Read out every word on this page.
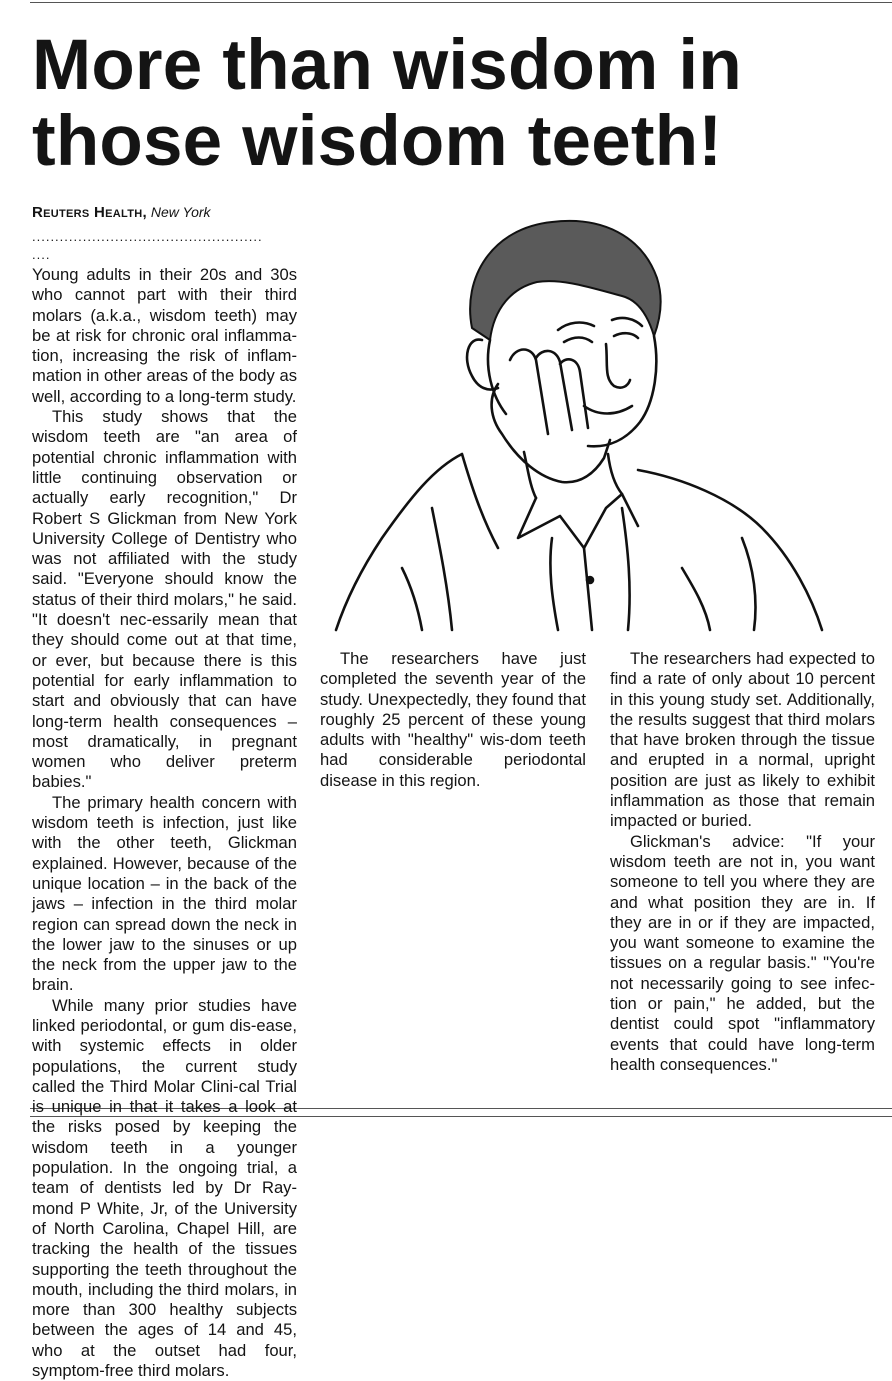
More than wisdom in
those wisdom teeth!
Reuters Health, New York
..................................................
....

Young adults in their 20s and 30s who cannot part with their third molars (a.k.a., wisdom teeth) may be at risk for chronic oral inflamma-tion, increasing the risk of inflam-mation in other areas of the body as well, according to a long-term study.

This study shows that the wisdom teeth are "an area of potential chronic inflammation with little continuing observation or actually early recognition," Dr Robert S Glickman from New York University College of Dentistry who was not affiliated with the study said. "Everyone should know the status of their third molars," he said. "It doesn't nec-essarily mean that they should come out at that time, or ever, but because there is this potential for early inflammation to start and obviously that can have long-term health consequences – most dramatically, in pregnant women who deliver preterm babies."

The primary health concern with wisdom teeth is infection, just like with the other teeth, Glickman explained. However, because of the unique location – in the back of the jaws – infection in the third molar region can spread down the neck in the lower jaw to the sinuses or up the neck from the upper jaw to the brain.

While many prior studies have linked periodontal, or gum dis-ease, with systemic effects in older populations, the current study called the Third Molar Clini-cal Trial is unique in that it takes a look at the risks posed by keeping the wisdom teeth in a younger population. In the ongoing trial, a team of dentists led by Dr Ray-mond P White, Jr, of the University of North Carolina, Chapel Hill, are tracking the health of the tissues supporting the teeth throughout the mouth, including the third molars, in more than 300 healthy subjects between the ages of 14 and 45, who at the outset had four, symptom-free third molars.

The researchers have just completed the seventh year of the study. Unexpectedly, they found that roughly 25 percent of these young adults with "healthy" wis-dom teeth had considerable periodontal disease in this region.

The researchers had expected to find a rate of only about 10 percent in this young study set. Additionally, the results suggest that third molars that have broken through the tissue and erupted in a normal, upright position are just as likely to exhibit inflammation as those that remain impacted or buried.

Glickman's advice: "If your wisdom teeth are not in, you want someone to tell you where they are and what position they are in. If they are in or if they are impacted, you want someone to examine the tissues on a regular basis." "You're not necessarily going to see infec-tion or pain," he added, but the dentist could spot "inflammatory events that could have long-term health consequences."
